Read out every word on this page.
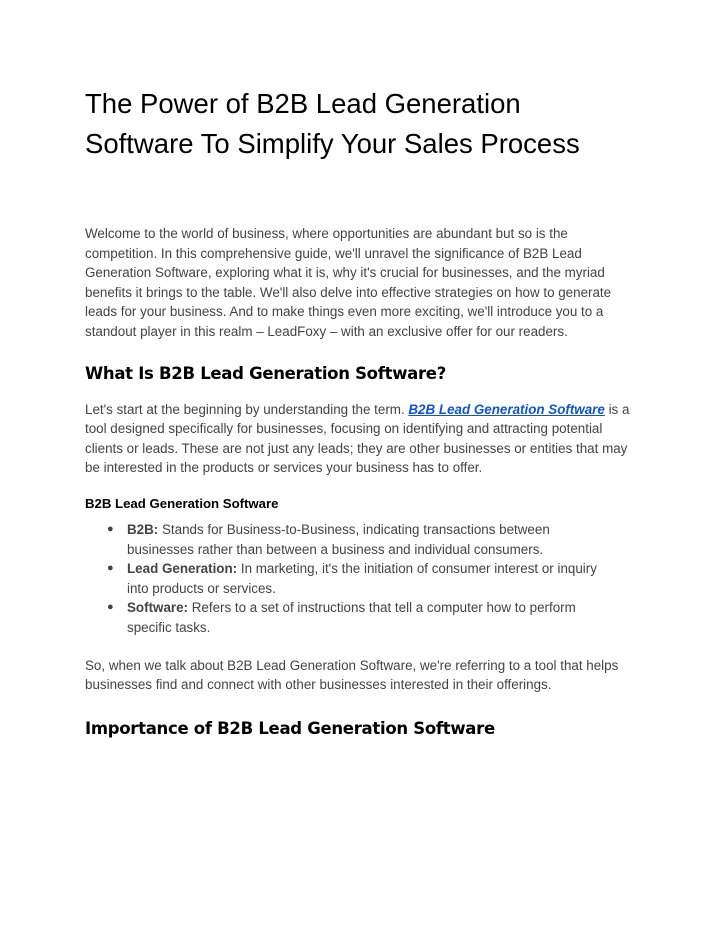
The Power of B2B Lead Generation Software To Simplify Your Sales Process

Welcome to the world of business, where opportunities are abundant but so is the competition. In this comprehensive guide, we'll unravel the significance of B2B Lead Generation Software, exploring what it is, why it's crucial for businesses, and the myriad benefits it brings to the table. We'll also delve into effective strategies on how to generate leads for your business. And to make things even more exciting, we'll introduce you to a standout player in this realm – LeadFoxy – with an exclusive offer for our readers.

What Is B2B Lead Generation Software?

Let's start at the beginning by understanding the term. B2B Lead Generation Software is a tool designed specifically for businesses, focusing on identifying and attracting potential clients or leads. These are not just any leads; they are other businesses or entities that may be interested in the products or services your business has to offer.

B2B Lead Generation Software
● B2B: Stands for Business-to-Business, indicating transactions between businesses rather than between a business and individual consumers.
● Lead Generation: In marketing, it's the initiation of consumer interest or inquiry into products or services.
● Software: Refers to a set of instructions that tell a computer how to perform specific tasks.

So, when we talk about B2B Lead Generation Software, we're referring to a tool that helps businesses find and connect with other businesses interested in their offerings.

Importance of B2B Lead Generation Software
